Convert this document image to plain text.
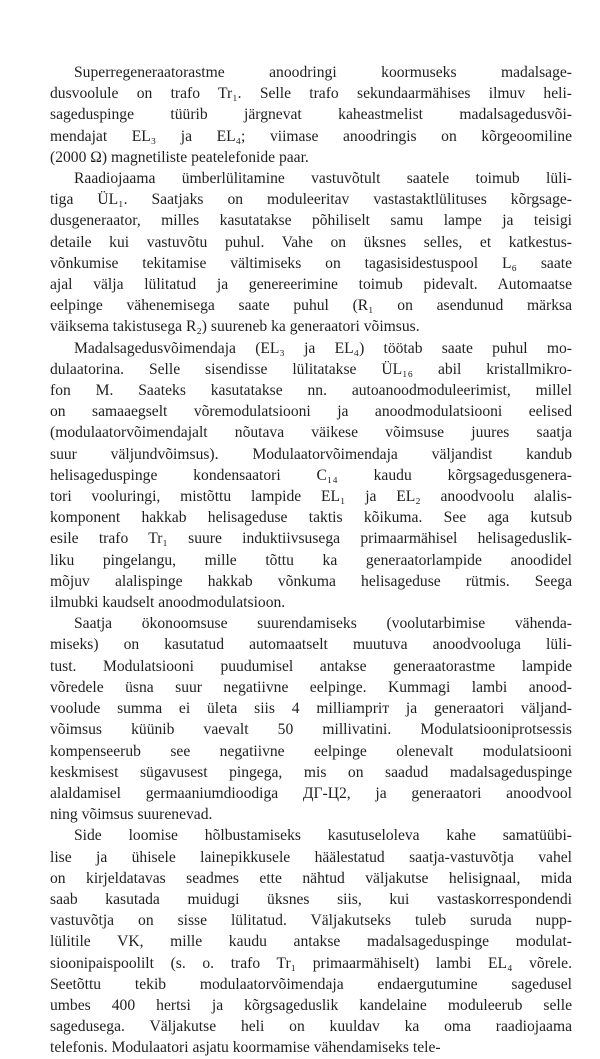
Superregeneraatorastme anoodringi koormuseks madalsage-
dusvoolule on trafo Tr₁. Selle trafo sekundaarmähises ilmuv heli-
sageduspinge tüürib järgnevat kaheastmelist madalsagedusvõi-
mendajat EL₃ ja EL₄; viimase anoodringis on kõrgeoomiline
(2000 Ω) magnetiliste peatelefonide paar.

Raadiojaama ümberlülitamine vastuvõtult saatele toimub lüli-
tiga ÜL₁. Saatjaks on moduleeritav vastastaktlülituses kõrgsage-
dusgeneraator, milles kasutatakse põhiliselt samu lampe ja teisigi
detaile kui vastuvõtu puhul. Vahe on üksnes selles, et katkestus-
võnkumise tekitamise vältimiseks on tagasisidestuspool L₆ saate
ajal välja lülitatud ja genereerimine toimub pidevalt. Automaatse
eelpinge vähenemisega saate puhul (R₁ on asendunud märksa
väiksema takistusega R₂) suureneb ka generaatori võimsus.

Madalsagedusvõimendaja (EL₃ ja EL₄) töötab saate puhul mo-
dulaatorina. Selle sisendisse lülitatakse ÜL₁₆ abil kristallmikro-
fon M. Saateks kasutatakse nn. autoanoodmoduleerimist, millel
on samaaegselt võremodulatsiooni ja anoodmodulatsiooni eelised
(modulaatorvõimendajalt nõutava väikese võimsuse juures saatja
suur väljundvõimsus). Modulaatorvõimendaja väljandist kandub
helisageduspinge kondensaatori C₁₄ kaudu kõrgsagedusgenera-
tori vooluringi, mistõttu lampide EL₁ ja EL₂ anoodvoolu alalis-
komponent hakkab helisageduse taktis kõikuma. See aga kutsub
esile trafo Tr₁ suure induktiivsusega primaarmähisel helisageduslik-
liku pingelangu, mille tõttu ka generaatorlampide anoodidel
mõjuv alalispinge hakkab võnkuma helisageduse rütmis. Seega
ilmubki kaudselt anoodmodulatsioon.

Saatja ökonoomsuse suurendamiseks (voolutarbimise vähenda-
miseks) on kasutatud automaatselt muutuva anoodvooluga lüli-
tust. Modulatsiooni puudumisel antakse generaatorastme lampide
võredele üsna suur negatiivne eelpinge. Kummagi lambi anood-
voolude summa ei ületa siis 4 milliampriт ja generaatori väljand-
võimsus küünib vaevalt 50 millivatini. Modulatsiooniprotsessis
kompenseerub see negatiivne eelpinge olenevalt modulatsiooni
keskmisest sügavusest pingega, mis on saadud madalsageduspinge
alaldamisel germaaniumdioodiga ДГ-Ц2, ja generaatori anoodvool
ning võimsus suurenevad.

Side loomise hõlbustamiseks kasutuseloleva kahe samatüübi-
lise ja ühisele lainepikkusele häälestatud saatja-vastuvõtja vahel
on kirjeldatavas seadmes ette nähtud väljakutse helisignaal, mida
saab kasutada muidugi üksnes siis, kui vastaskorrespondendi
vastuvõtja on sisse lülitatud. Väljakutseks tuleb suruda nupp-
lülitile VK, mille kaudu antakse madalsageduspinge modulat-
sioonipaispoolilt (s. o. trafo Tr₁ primaarmähiselt) lambi EL₄ võrele.
Seetõttu tekib modulaatorvõimendaja endaergutumine sagedusel
umbes 400 hertsi ja kõrgsageduslik kandelaine moduleerub selle
sagedusega. Väljakutse heli on kuuldav ka oma raadiojaama
telefonis. Modulaatori asjatu koormamise vähendamiseks tele-
